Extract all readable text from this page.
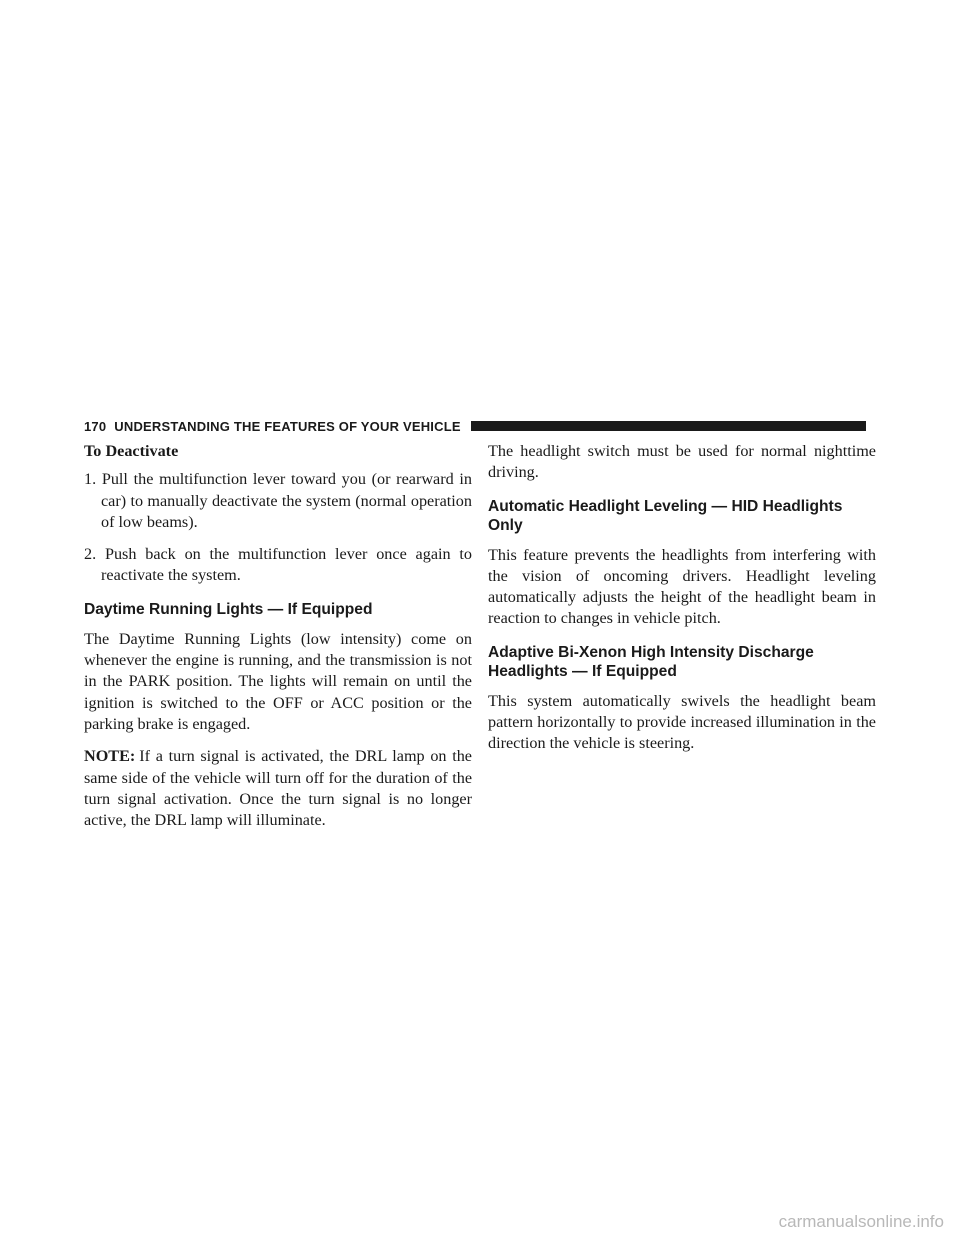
170 UNDERSTANDING THE FEATURES OF YOUR VEHICLE
To Deactivate
1. Pull the multifunction lever toward you (or rearward in car) to manually deactivate the system (normal operation of low beams).
2. Push back on the multifunction lever once again to reactivate the system.
Daytime Running Lights — If Equipped
The Daytime Running Lights (low intensity) come on whenever the engine is running, and the transmission is not in the PARK position. The lights will remain on until the ignition is switched to the OFF or ACC position or the parking brake is engaged.
NOTE: If a turn signal is activated, the DRL lamp on the same side of the vehicle will turn off for the duration of the turn signal activation. Once the turn signal is no longer active, the DRL lamp will illuminate.
The headlight switch must be used for normal nighttime driving.
Automatic Headlight Leveling — HID Headlights Only
This feature prevents the headlights from interfering with the vision of oncoming drivers. Headlight leveling automatically adjusts the height of the headlight beam in reaction to changes in vehicle pitch.
Adaptive Bi-Xenon High Intensity Discharge Headlights — If Equipped
This system automatically swivels the headlight beam pattern horizontally to provide increased illumination in the direction the vehicle is steering.
carmanualsonline.info
